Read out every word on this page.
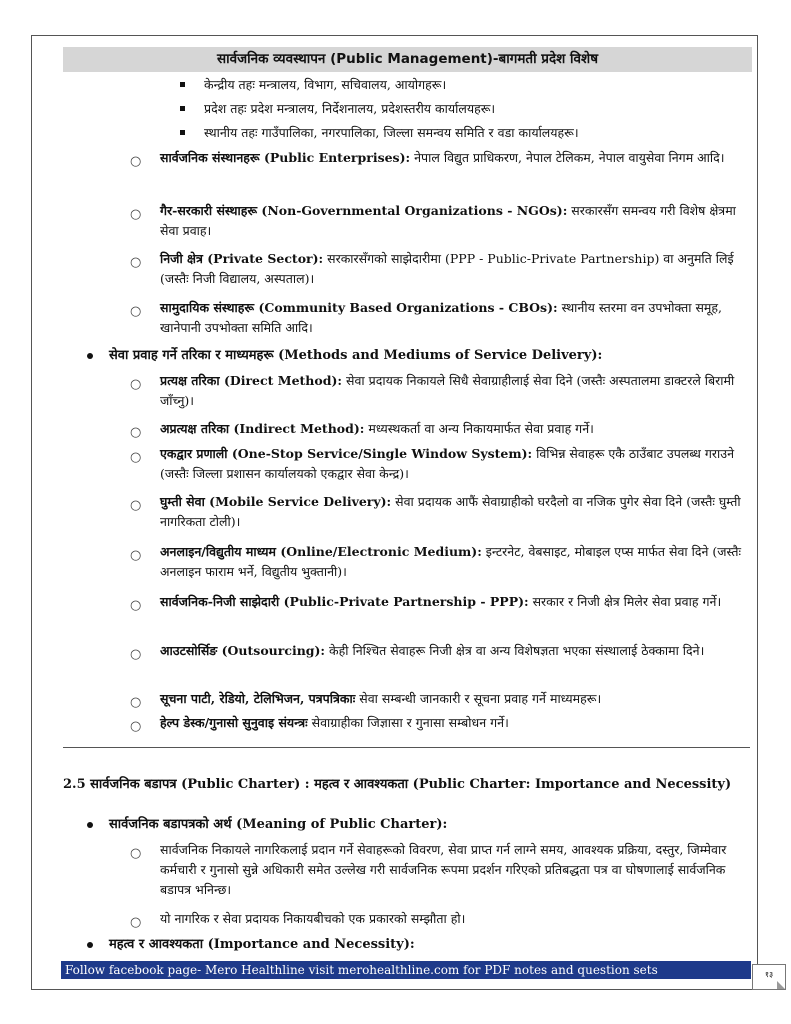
सार्वजनिक व्यवस्थापन (Public Management)-बागमती प्रदेश विशेष
केन्द्रीय तहः मन्त्रालय, विभाग, सचिवालय, आयोगहरू।
प्रदेश तहः प्रदेश मन्त्रालय, निर्देशनालय, प्रदेशस्तरीय कार्यालयहरू।
स्थानीय तहः गाउँपालिका, नगरपालिका, जिल्ला समन्वय समिति र वडा कार्यालयहरू।
○ सार्वजनिक संस्थानहरू (Public Enterprises): नेपाल विद्युत प्राधिकरण, नेपाल टेलिकम, नेपाल वायुसेवा निगम आदि।
○ गैर-सरकारी संस्थाहरू (Non-Governmental Organizations - NGOs): सरकारसँग समन्वय गरी विशेष क्षेत्रमा सेवा प्रवाह।
○ निजी क्षेत्र (Private Sector): सरकारसँगको साझेदारीमा (PPP - Public-Private Partnership) वा अनुमति लिई (जस्तैः निजी विद्यालय, अस्पताल)।
○ सामुदायिक संस्थाहरू (Community Based Organizations - CBOs): स्थानीय स्तरमा वन उपभोक्ता समूह, खानेपानी उपभोक्ता समिति आदि।
सेवा प्रवाह गर्ने तरिका र माध्यमहरू (Methods and Mediums of Service Delivery):
○ प्रत्यक्ष तरिका (Direct Method): सेवा प्रदायक निकायले सिधै सेवाग्राहीलाई सेवा दिने (जस्तैः अस्पतालमा डाक्टरले बिरामी जाँच्नु)।
○ अप्रत्यक्ष तरिका (Indirect Method): मध्यस्थकर्ता वा अन्य निकायमार्फत सेवा प्रवाह गर्ने।
○ एकद्वार प्रणाली (One-Stop Service/Single Window System): विभिन्न सेवाहरू एकै ठाउँबाट उपलब्ध गराउने (जस्तैः जिल्ला प्रशासन कार्यालयको एकद्वार सेवा केन्द्र)।
○ घुम्ती सेवा (Mobile Service Delivery): सेवा प्रदायक आफैं सेवाग्राहीको घरदैलो वा नजिक पुगेर सेवा दिने (जस्तैः घुम्ती नागरिकता टोली)।
○ अनलाइन/विद्युतीय माध्यम (Online/Electronic Medium): इन्टरनेट, वेबसाइट, मोबाइल एप्स मार्फत सेवा दिने (जस्तैः अनलाइन फाराम भर्ने, विद्युतीय भुक्तानी)।
○ सार्वजनिक-निजी साझेदारी (Public-Private Partnership - PPP): सरकार र निजी क्षेत्र मिलेर सेवा प्रवाह गर्ने।
○ आउटसोर्सिङ (Outsourcing): केही निश्चित सेवाहरू निजी क्षेत्र वा अन्य विशेषज्ञता भएका संस्थालाई ठेक्कामा दिने।
○ सूचना पाटी, रेडियो, टेलिभिजन, पत्रपत्रिकाः सेवा सम्बन्धी जानकारी र सूचना प्रवाह गर्ने माध्यमहरू।
○ हेल्प डेस्क/गुनासो सुनुवाइ संयन्त्रः सेवाग्राहीका जिज्ञासा र गुनासा सम्बोधन गर्ने।
2.5 सार्वजनिक बडापत्र (Public Charter) : महत्व र आवश्यकता (Public Charter: Importance and Necessity)
सार्वजनिक बडापत्रको अर्थ (Meaning of Public Charter):
○ सार्वजनिक निकायले नागरिकलाई प्रदान गर्ने सेवाहरूको विवरण, सेवा प्राप्त गर्न लाग्ने समय, आवश्यक प्रक्रिया, दस्तुर, जिम्मेवार कर्मचारी र गुनासो सुन्ने अधिकारी समेत उल्लेख गरी सार्वजनिक रूपमा प्रदर्शन गरिएको प्रतिबद्धता पत्र वा घोषणालाई सार्वजनिक बडापत्र भनिन्छ।
○ यो नागरिक र सेवा प्रदायक निकायबीचको एक प्रकारको सम्झौता हो।
महत्व र आवश्यकता (Importance and Necessity):
Follow facebook page- Mero Healthline visit merohealthline.com for PDF notes and question sets	१३
